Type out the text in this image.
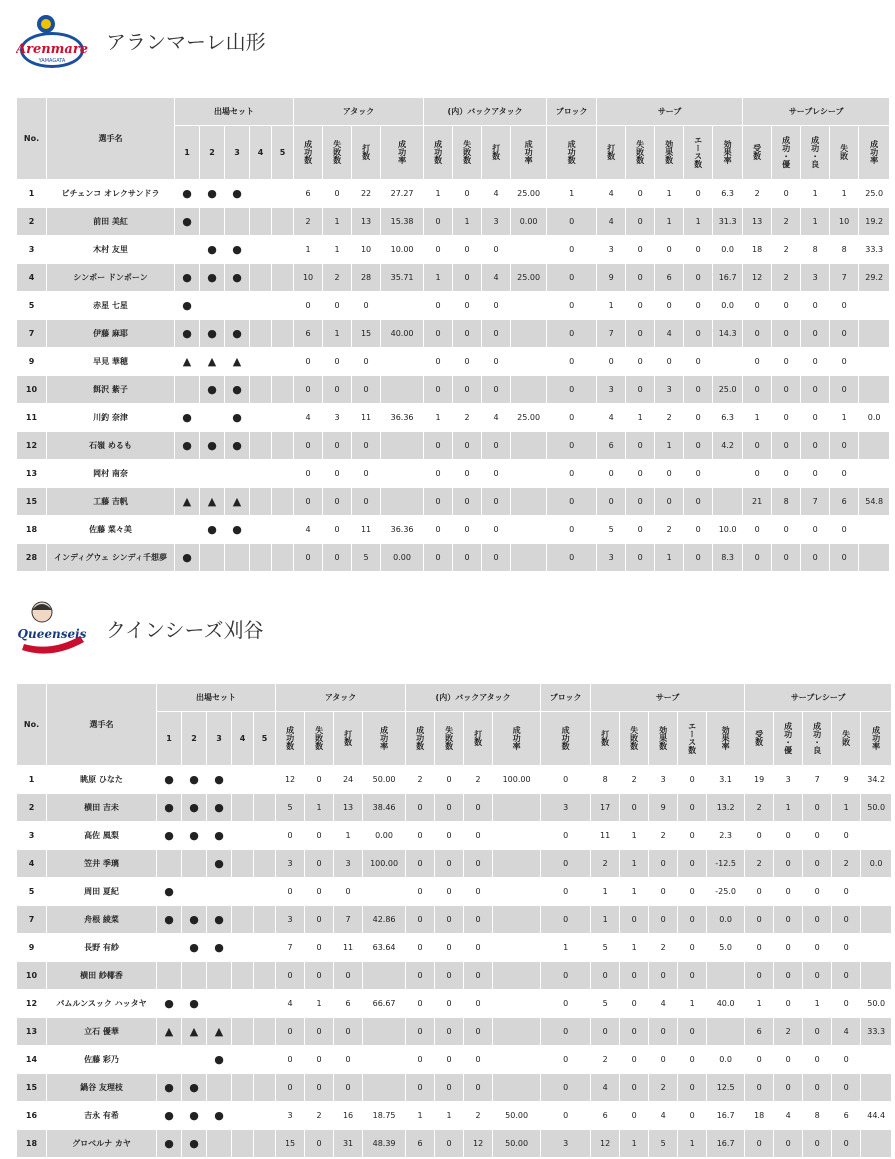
Arenmare
YAMAGATA
アランマーレ山形
No.	選手名	出場セット					アタック				(内）バックアタック				ブロック	サーブ					サーブレシーブ				
		1	2	3	4	5	成功数	失敗数	打数	成功率	成功数	失敗数	打数	成功率	成功数	打数	失敗数	効果数	エース数	効果率	受数	成功・優	成功・良	失敗	成功率
1	ビチェンコ オレクサンドラ	●	●	●			6	0	22	27.27	1	0	4	25.00	1	4	0	1	0	6.3	2	0	1	1	25.0
2	前田 美紅	●					2	1	13	15.38	0	1	3	0.00	0	4	0	1	1	31.3	13	2	1	10	19.2
3	木村 友里		●	●			1	1	10	10.00	0	0	0		0	3	0	0	0	0.0	18	2	8	8	33.3
4	シンポー ドンポーン	●	●	●			10	2	28	35.71	1	0	4	25.00	0	9	0	6	0	16.7	12	2	3	7	29.2
5	赤星 七星	●					0	0	0		0	0	0		0	1	0	0	0	0.0	0	0	0	0	
7	伊藤 麻耶	●	●	●			6	1	15	40.00	0	0	0		0	7	0	4	0	14.3	0	0	0	0	
9	早見 華穂	▲	▲	▲			0	0	0		0	0	0		0	0	0	0	0		0	0	0	0	
10	餌沢 紫子		●	●			0	0	0		0	0	0		0	3	0	3	0	25.0	0	0	0	0	
11	川釣 奈津	●		●			4	3	11	36.36	1	2	4	25.00	0	4	1	2	0	6.3	1	0	0	1	0.0
12	石嶺 めるも	●	●	●			0	0	0		0	0	0		0	6	0	1	0	4.2	0	0	0	0	
13	岡村 南奈						0	0	0		0	0	0		0	0	0	0	0		0	0	0	0	
15	工藤 吉帆	▲	▲	▲			0	0	0		0	0	0		0	0	0	0	0		21	8	7	6	54.8
18	佐藤 菜々美		●	●			4	0	11	36.36	0	0	0		0	5	0	2	0	10.0	0	0	0	0	
28	インディグウェ シンディ千想夢	●					0	0	5	0.00	0	0	0		0	3	0	1	0	8.3	0	0	0	0	
Queenseis クインシーズ刈谷
No.	選手名	出場セット					アタック				(内）バックアタック				ブロック	サーブ					サーブレシーブ				
		1	2	3	4	5	成功数	失敗数	打数	成功率	成功数	失敗数	打数	成功率	成功数	打数	失敗数	効果数	エース数	効果率	受数	成功・優	成功・良	失敗	成功率
1	眺原 ひなた	●	●	●			12	0	24	50.00	2	0	2	100.00	0	8	2	3	0	3.1	19	3	7	9	34.2
2	横田 吉未	●	●	●			5	1	13	38.46	0	0	0		3	17	0	9	0	13.2	2	1	0	1	50.0
3	高佐 風梨	●	●	●			0	0	1	0.00	0	0	0		0	11	1	2	0	2.3	0	0	0	0	
4	笠井 季璃			●			3	0	3	100.00	0	0	0		0	2	1	0	0	-12.5	2	0	0	2	0.0
5	周田 夏紀	●					0	0	0		0	0	0		0	1	1	0	0	-25.0	0	0	0	0	
7	舟根 綾菜	●	●	●			3	0	7	42.86	0	0	0		0	1	0	0	0	0.0	0	0	0	0	
9	長野 有紗		●	●			7	0	11	63.64	0	0	0		1	5	1	2	0	5.0	0	0	0	0	
10	横田 紗椰香						0	0	0		0	0	0		0	0	0	0	0		0	0	0	0	
12	パムルンスック ハッタヤ	●	●				4	1	6	66.67	0	0	0		0	5	0	4	1	40.0	1	0	1	0	50.0
13	立石 優華	▲	▲	▲			0	0	0		0	0	0		0	0	0	0	0		6	2	0	4	33.3
14	佐藤 彩乃			●			0	0	0		0	0	0		0	2	0	0	0	0.0	0	0	0	0	
15	鍋谷 友理枝	●	●				0	0	0		0	0	0		0	4	0	2	0	12.5	0	0	0	0	
16	吉永 有希	●	●	●			3	2	16	18.75	1	1	2	50.00	0	6	0	4	0	16.7	18	4	8	6	44.4
18	グロベルナ カヤ	●	●				15	0	31	48.39	6	0	12	50.00	3	12	1	5	1	16.7	0	0	0	0	
